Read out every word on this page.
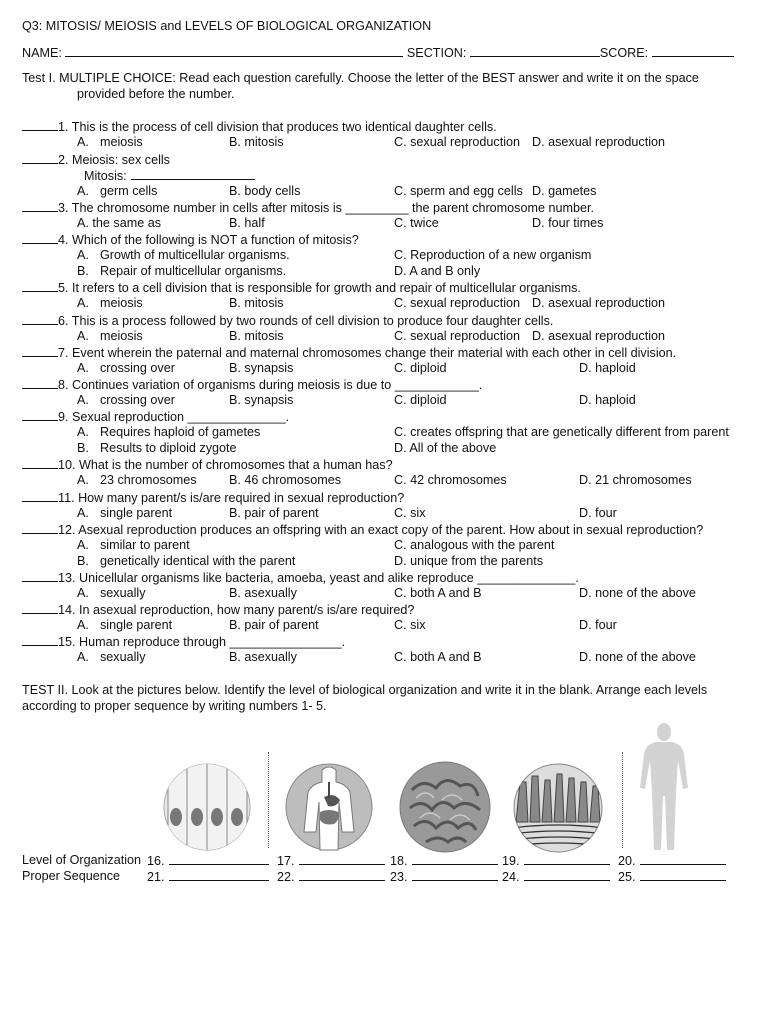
Q3: MITOSIS/ MEIOSIS and LEVELS OF BIOLOGICAL ORGANIZATION
NAME:	SECTION:	SCORE:
Test I. MULTIPLE CHOICE: Read each question carefully. Choose the letter of the BEST answer and write it on the space
provided before the number.
1. This is the process of cell division that produces two identical daughter cells.
A. meiosis	B. mitosis	C. sexual reproduction D. asexual reproduction
2. Meiosis: sex cells
Mitosis:
A. germ cells	B. body cells	C. sperm and egg cells D. gametes
3. The chromosome number in cells after mitosis is _________ the parent chromosome number.
A. the same as	B. half	C. twice	D. four times
4. Which of the following is NOT a function of mitosis?
A. Growth of multicellular organisms.	C. Reproduction of a new organism
B. Repair of multicellular organisms.	D. A and B only
5. It refers to a cell division that is responsible for growth and repair of multicellular organisms.
A. meiosis	B. mitosis	C. sexual reproduction D. asexual reproduction
6. This is a process followed by two rounds of cell division to produce four daughter cells.
A. meiosis	B. mitosis	C. sexual reproduction D. asexual reproduction
7. Event wherein the paternal and maternal chromosomes change their material with each other in cell division.
A. crossing over	B. synapsis	C. diploid	D. haploid
8. Continues variation of organisms during meiosis is due to ____________.
A. crossing over	B. synapsis	C. diploid	D. haploid
9. Sexual reproduction ______________.
A. Requires haploid of gametes	C. creates offspring that are genetically different from parent
B. Results to diploid zygote	D. All of the above
10. What is the number of chromosomes that a human has?
A. 23 chromosomes	B. 46 chromosomes	C. 42 chromosomes	D. 21 chromosomes
11. How many parent/s is/are required in sexual reproduction?
A. single parent	B. pair of parent	C. six	D. four
12. Asexual reproduction produces an offspring with an exact copy of the parent. How about in sexual reproduction?
A. similar to parent	C. analogous with the parent
B. genetically identical with the parent	D. unique from the parents
13. Unicellular organisms like bacteria, amoeba, yeast and alike reproduce ______________.
A. sexually	B. asexually	C. both A and B	D. none of the above
14. In asexual reproduction, how many parent/s is/are required?
A. single parent	B. pair of parent	C. six	D. four
15. Human reproduce through ________________.
A. sexually	B. asexually	C. both A and B	D. none of the above
TEST II. Look at the pictures below. Identify the level of biological organization and write it in the blank. Arrange each levels
according to proper sequence by writing numbers 1- 5.
Level of Organization 16.	17.	18.	19.	20.
Proper Sequence 21.	22.	23.	24.	25.
